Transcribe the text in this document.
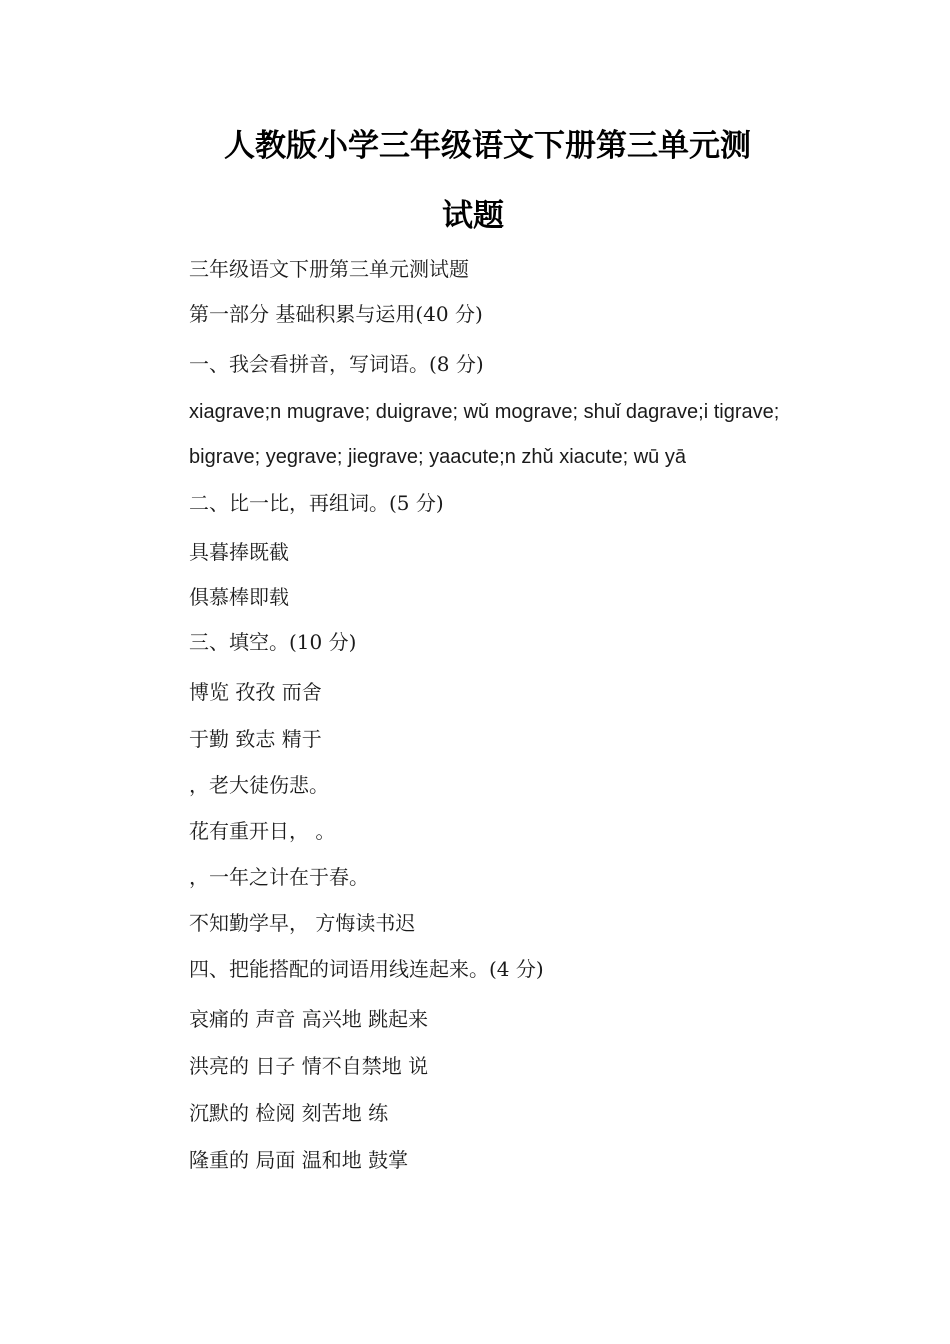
人教版小学三年级语文下册第三单元测
试题
三年级语文下册第三单元测试题
第一部分 基础积累与运用(40 分)
一、我会看拼音，写词语。(8 分)
xiagrave;n mugrave; duigrave; wǔ mograve; shuǐ dagrave;i tigrave;
bigrave; yegrave; jiegrave; yaacute;n zhǔ xiacute; wū yā
二、比一比，再组词。(5 分)
具暮捧既截
俱慕棒即载
三、填空。(10 分)
博览 孜孜 而舍
于勤 致志 精于
，老大徒伤悲。
花有重开日， 。
，一年之计在于春。
不知勤学早， 方悔读书迟
四、把能搭配的词语用线连起来。(4 分)
哀痛的 声音 高兴地 跳起来
洪亮的 日子 情不自禁地 说
沉默的 检阅 刻苦地 练
隆重的 局面 温和地 鼓掌
